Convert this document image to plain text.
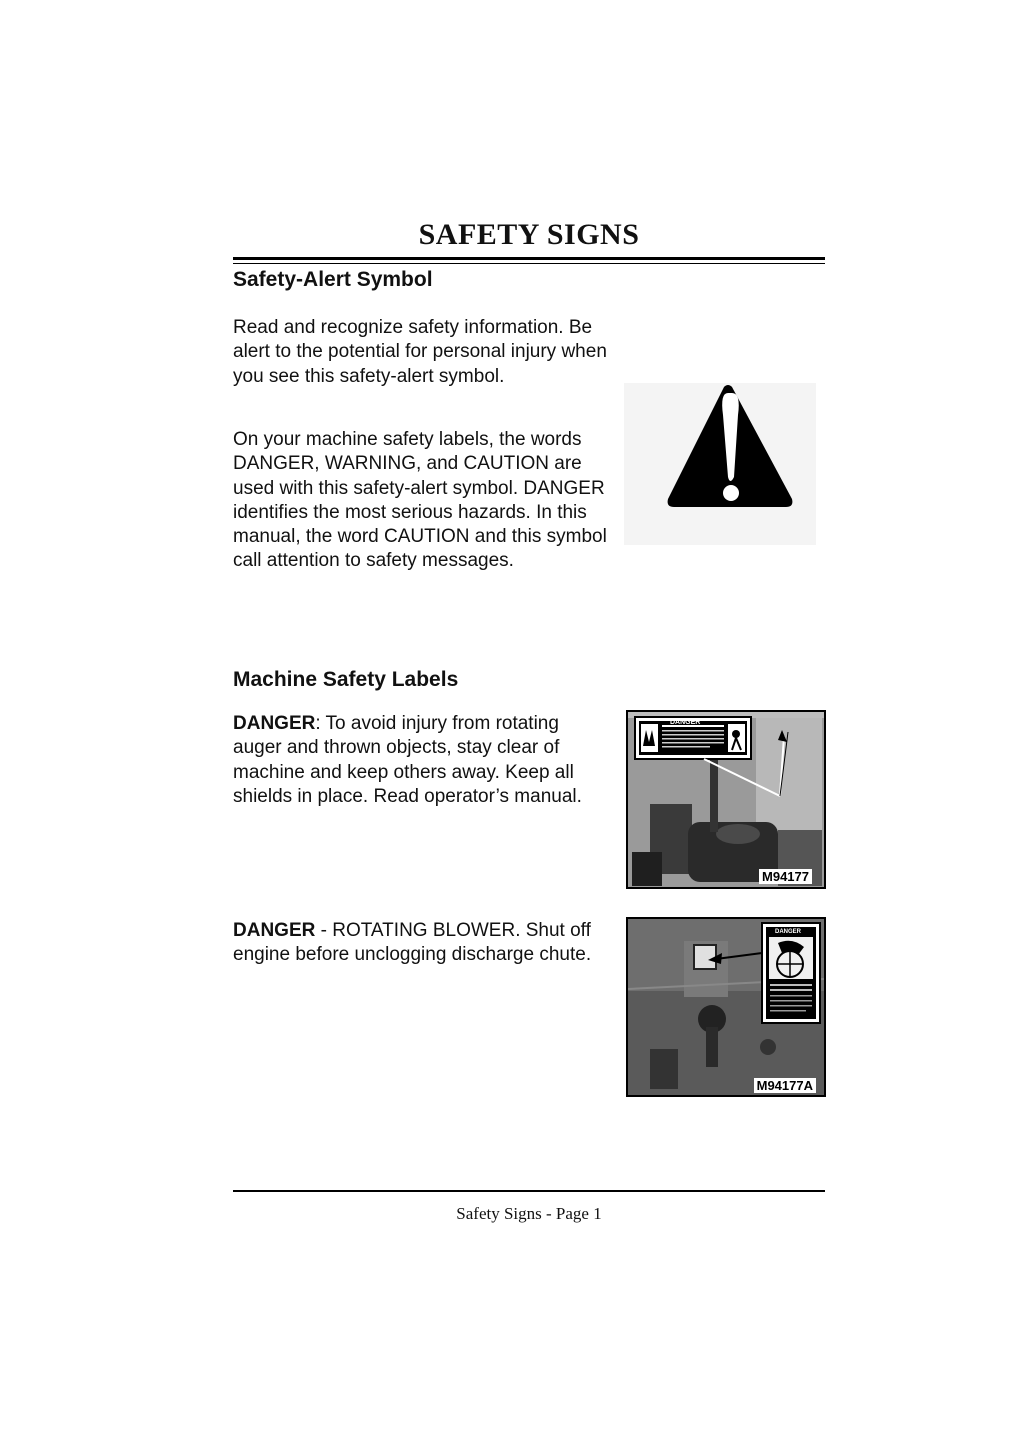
SAFETY SIGNS
Safety-Alert Symbol
Read and recognize safety information. Be alert to the potential for personal injury when you see this safety-alert symbol.
On your machine safety labels, the words DANGER, WARNING, and CAUTION are used with this safety-alert symbol. DANGER identifies the most serious hazards. In this manual, the word CAUTION and this symbol call attention to safety messages.
Machine Safety Labels
DANGER: To avoid injury from rotating auger and thrown objects, stay clear of machine and keep others away. Keep all shields in place. Read operator’s manual.
DANGER
M94177
DANGER - ROTATING BLOWER. Shut off engine before unclogging discharge chute.
DANGER
M94177A
Safety Signs - Page 1
